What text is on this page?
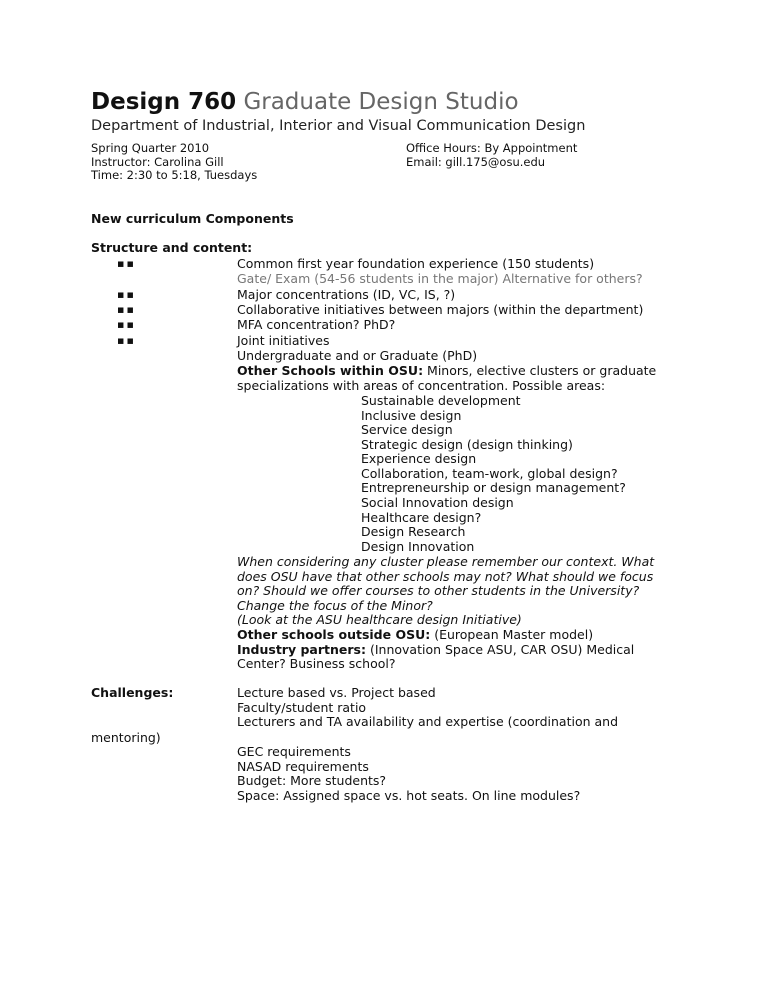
Design 760 Graduate Design Studio
Department of Industrial, Interior and Visual Communication Design
Spring Quarter 2010
Instructor: Carolina Gill
Time: 2:30 to 5:18, Tuesdays
Office Hours: By Appointment
Email: gill.175@osu.edu
New curriculum Components
Structure and content:
▪▪
▪▪
▪▪
▪▪
▪▪
Common first year foundation experience (150 students)
Gate/ Exam (54-56 students in the major) Alternative for others?
Major concentrations (ID, VC, IS, ?)
Collaborative initiatives between majors (within the department)
MFA concentration? PhD?
Joint initiatives
Undergraduate and or Graduate (PhD)
Other Schools within OSU: Minors, elective clusters or graduate
specializations with areas of concentration. Possible areas:
Sustainable development
Inclusive design
Service design
Strategic design (design thinking)
Experience design
Collaboration, team-work, global design?
Entrepreneurship or design management?
Social Innovation design
Healthcare design?
Design Research
Design Innovation
When considering any cluster please remember our context. What
does OSU have that other schools may not? What should we focus
on? Should we offer courses to other students in the University?
Change the focus of the Minor?
(Look at the ASU healthcare design Initiative)
Other schools outside OSU: (European Master model)
Industry partners: (Innovation Space ASU, CAR OSU) Medical
Center? Business school?
Challenges:	Lecture based vs. Project based
Faculty/student ratio
Lecturers and TA availability and expertise (coordination and
mentoring)
GEC requirements
NASAD requirements
Budget: More students?
Space: Assigned space vs. hot seats. On line modules?
